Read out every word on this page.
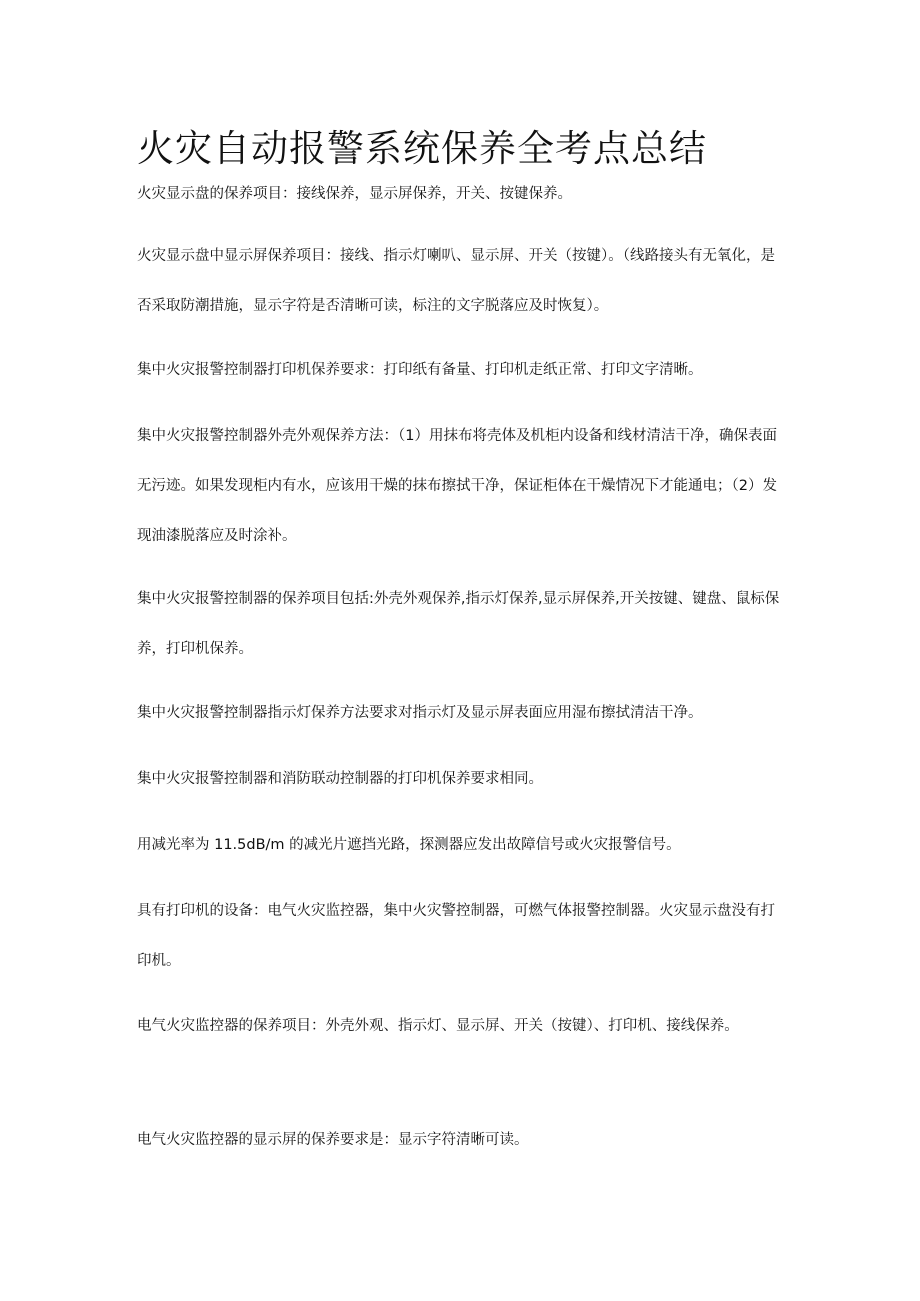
火灾自动报警系统保养全考点总结

火灾显示盘的保养项目：接线保养，显示屏保养，开关、按键保养。

火灾显示盘中显示屏保养项目：接线、指示灯喇叭、显示屏、开关（按键）。（线路接头有无氧化，是否采取防潮措施，显示字符是否清晰可读，标注的文字脱落应及时恢复）。

集中火灾报警控制器打印机保养要求：打印纸有备量、打印机走纸正常、打印文字清晰。

集中火灾报警控制器外壳外观保养方法：（1）用抹布将壳体及机柜内设备和线材清洁干净，确保表面无污迹。如果发现柜内有水，应该用干燥的抹布擦拭干净，保证柜体在干燥情况下才能通电；（2）发现油漆脱落应及时涂补。

集中火灾报警控制器的保养项目包括:外壳外观保养,指示灯保养,显示屏保养,开关按键、键盘、鼠标保养，打印机保养。

集中火灾报警控制器指示灯保养方法要求对指示灯及显示屏表面应用湿布擦拭清洁干净。

集中火灾报警控制器和消防联动控制器的打印机保养要求相同。

用减光率为 11.5dB/m 的减光片遮挡光路，探测器应发出故障信号或火灾报警信号。

具有打印机的设备：电气火灾监控器，集中火灾警控制器，可燃气体报警控制器。火灾显示盘没有打印机。

电气火灾监控器的保养项目：外壳外观、指示灯、显示屏、开关（按键）、打印机、接线保养。

电气火灾监控器的显示屏的保养要求是：显示字符清晰可读。
